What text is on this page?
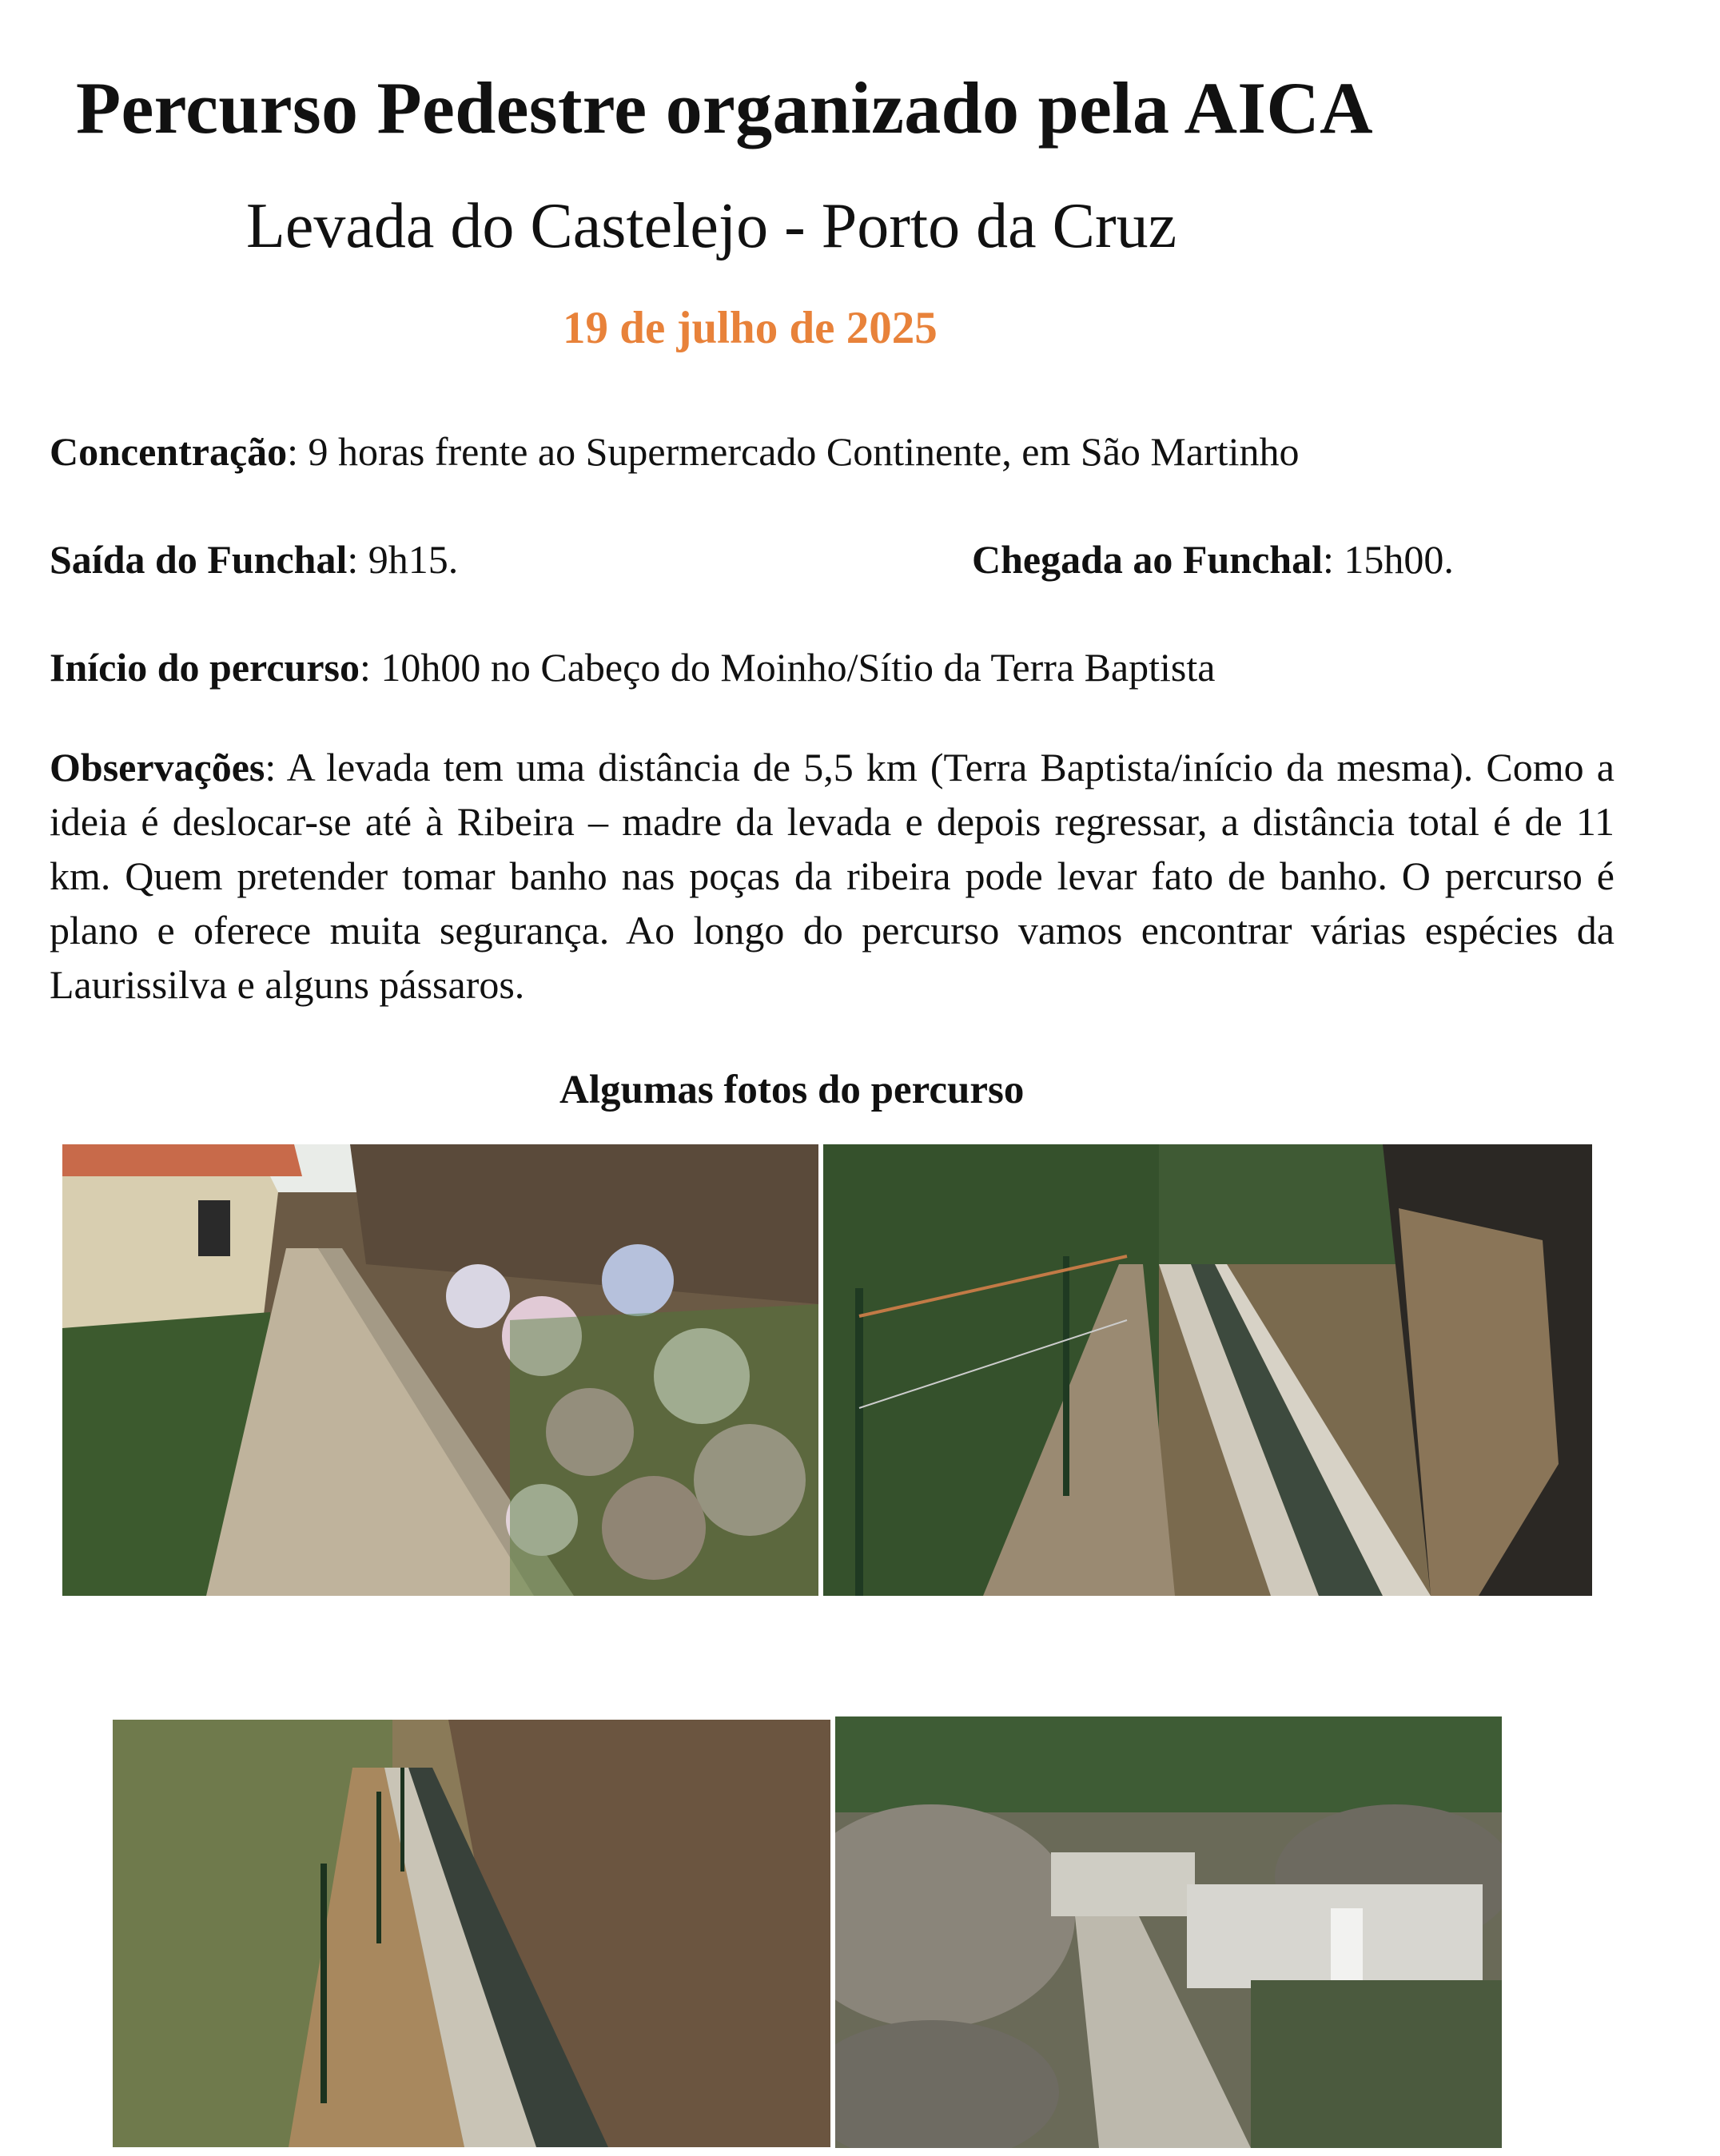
Percurso Pedestre organizado pela AICA
Levada do Castelejo - Porto da Cruz
19 de julho de 2025
Concentração: 9 horas frente ao Supermercado Continente, em São Martinho
Saída do Funchal: 9h15.	Chegada ao Funchal: 15h00.
Início do percurso: 10h00 no Cabeço do Moinho/Sítio da Terra Baptista
Observações: A levada tem uma distância de 5,5 km (Terra Baptista/início da mesma). Como a ideia é deslocar-se até à Ribeira – madre da levada e depois regressar, a distância total é de 11 km. Quem pretender tomar banho nas poças da ribeira pode levar fato de banho. O percurso é plano e oferece muita segurança. Ao longo do percurso vamos encontrar várias espécies da Laurissilva e alguns pássaros.
Algumas fotos do percurso
